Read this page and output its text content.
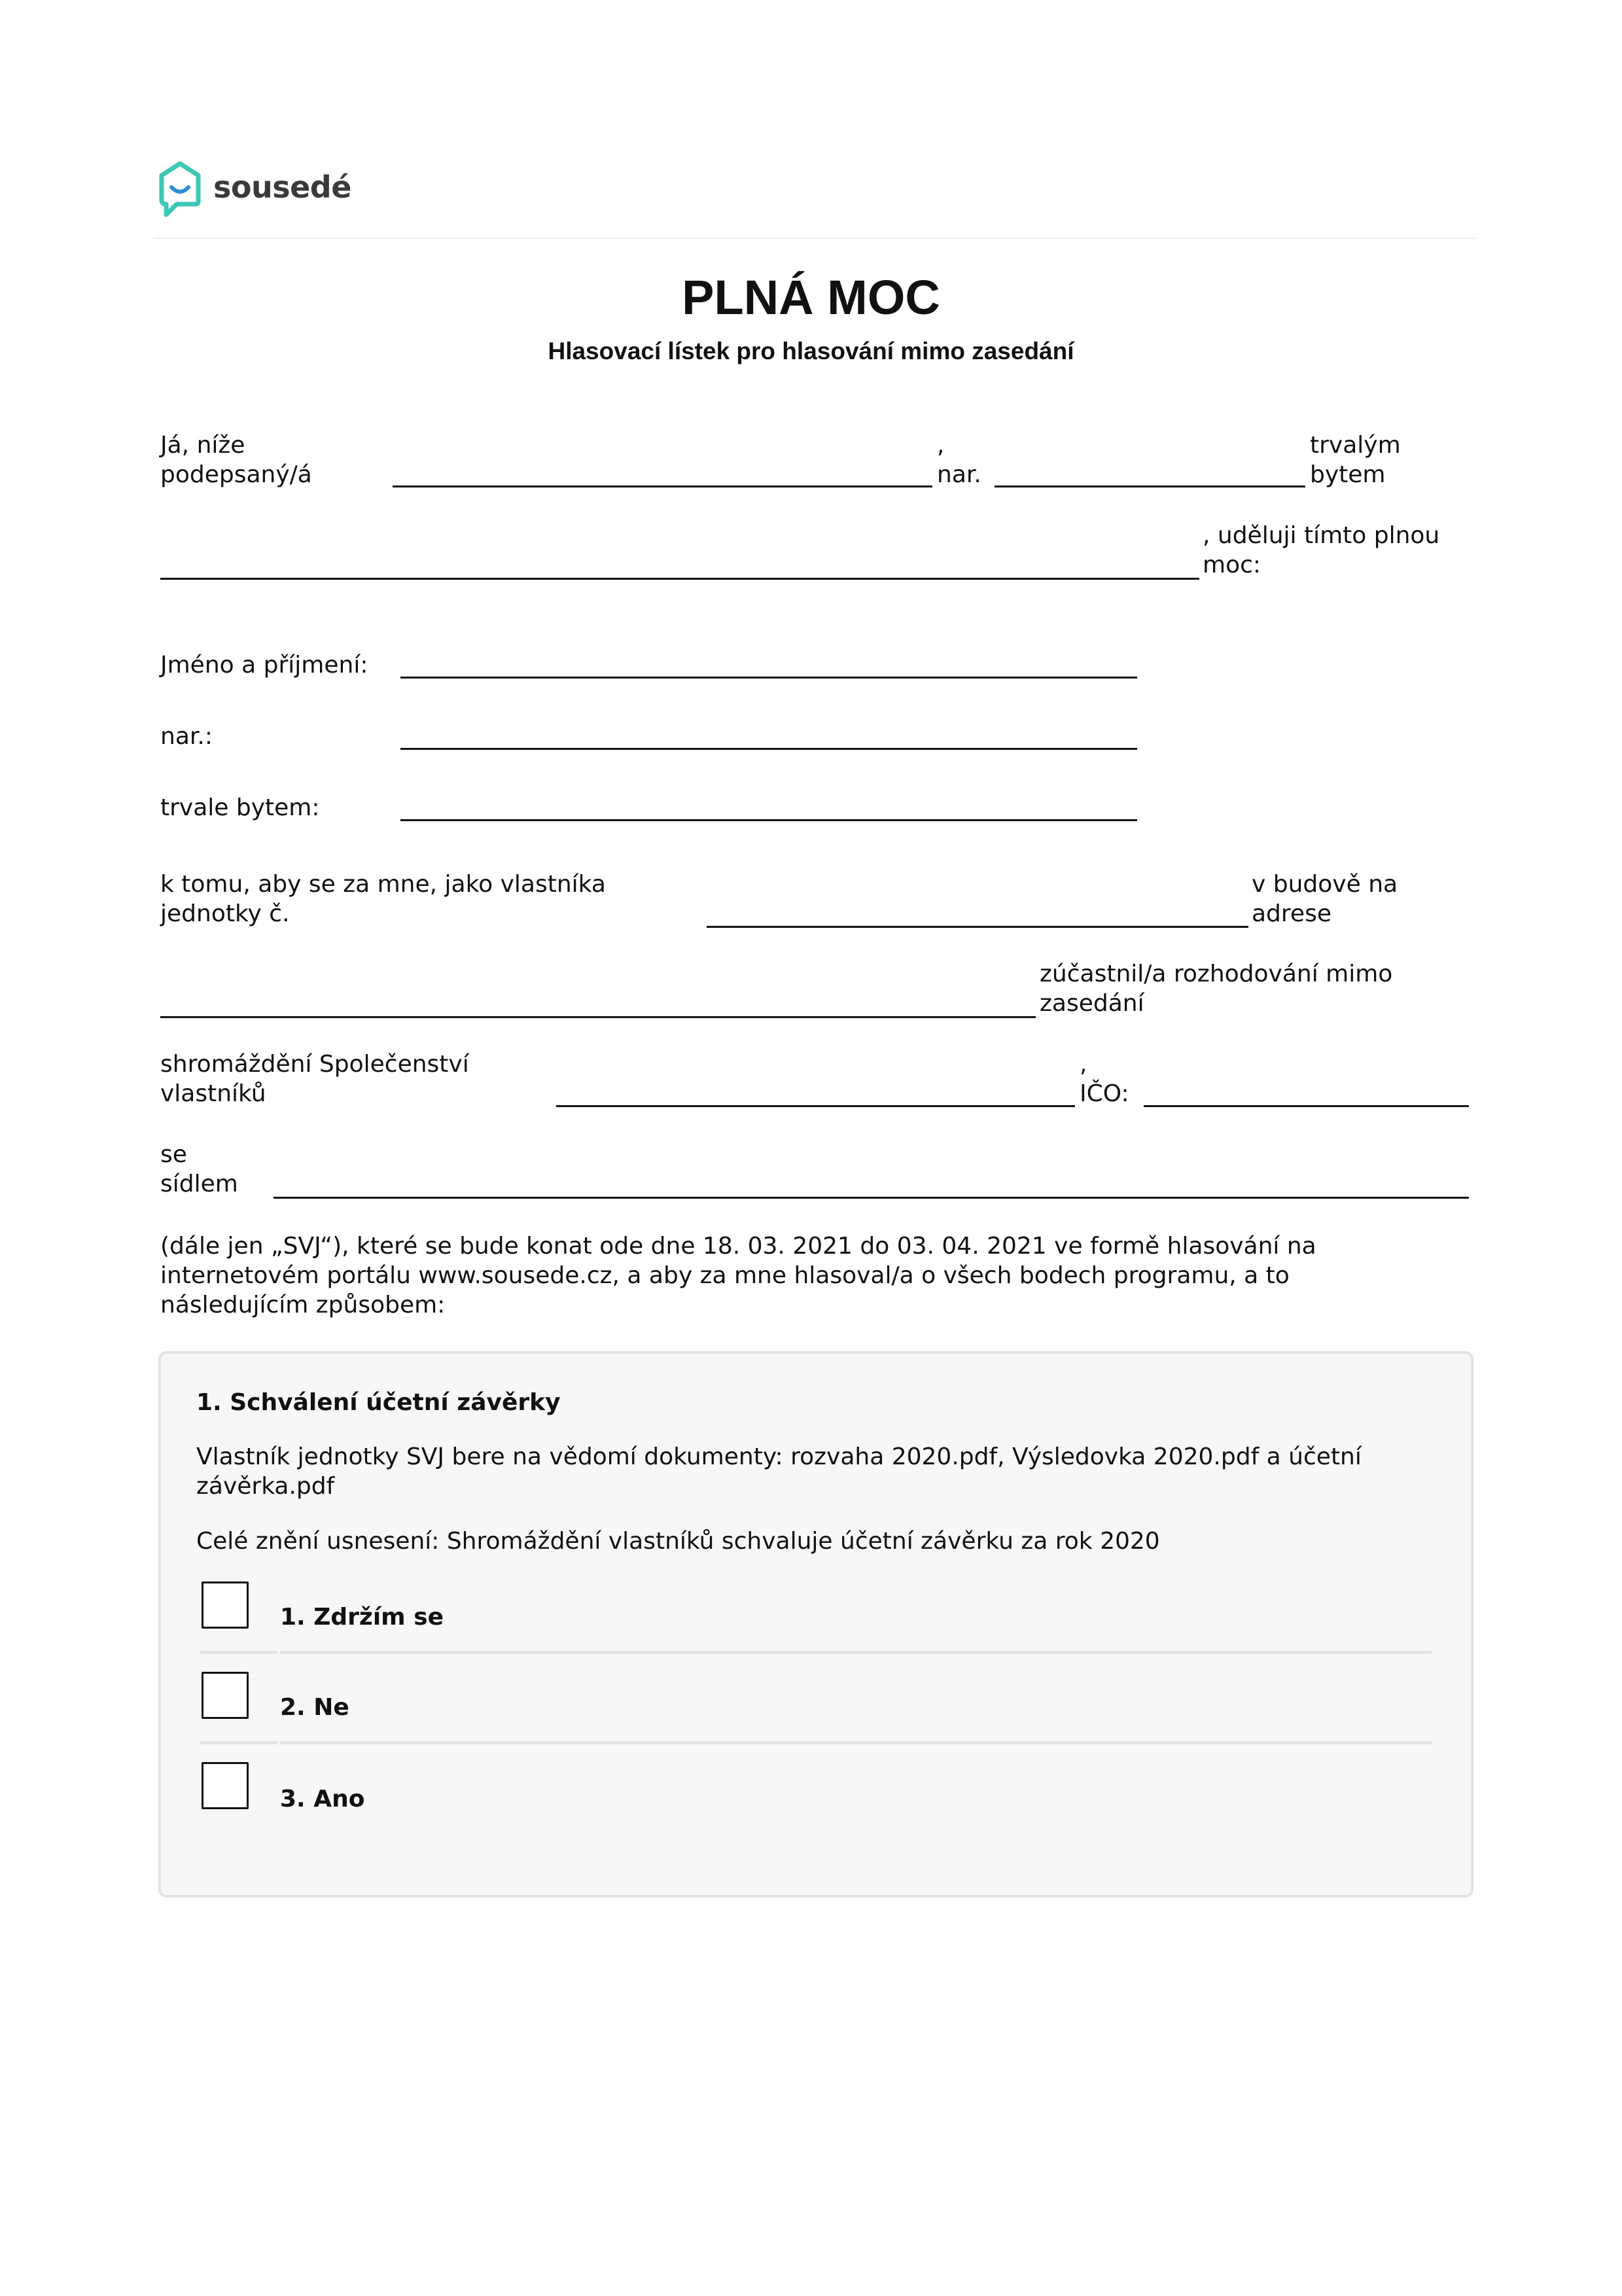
sousedé
PLNÁ MOC
Hlasovací lístek pro hlasování mimo zasedání
Já, níže
podepsaný/á
,
nar.
trvalým
bytem
, uděluji tímto plnou
moc:
Jméno a příjmení:
nar.:
trvale bytem:
k tomu, aby se za mne, jako vlastníka
jednotky č.
v budově na
adrese
zúčastnil/a rozhodování mimo
zasedání
shromáždění Společenství
vlastníků
,
IČO:
se
sídlem
(dále jen „SVJ“), které se bude konat ode dne 18. 03. 2021 do 03. 04. 2021 ve formě hlasování na
internetovém portálu www.sousede.cz, a aby za mne hlasoval/a o všech bodech programu, a to
následujícím způsobem:
1. Schválení účetní závěrky
Vlastník jednotky SVJ bere na vědomí dokumenty: rozvaha 2020.pdf, Výsledovka 2020.pdf a účetní
závěrka.pdf
Celé znění usnesení: Shromáždění vlastníků schvaluje účetní závěrku za rok 2020
1. Zdržím se
2. Ne
3. Ano
